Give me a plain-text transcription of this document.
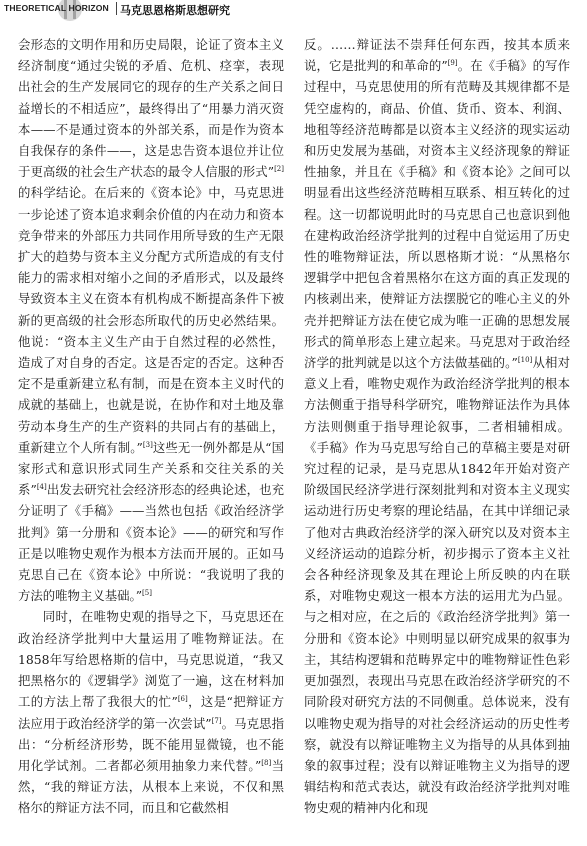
THEORETICAL HORIZON 马克思恩格斯思想研究

会形态的文明作用和历史局限，论证了资本主义经济制度“通过尖锐的矛盾、危机、痉挛，表现出社会的生产发展同它的现存的生产关系之间日益增长的不相适应”，最终得出了“用暴力消灭资本——不是通过资本的外部关系，而是作为资本自我保存的条件——，这是忠告资本退位并让位于更高级的社会生产状态的最令人信服的形式”[2]的科学结论。在后来的《资本论》中，马克思进一步论述了资本追求剩余价值的内在动力和资本竞争带来的外部压力共同作用所导致的生产无限扩大的趋势与资本主义分配方式所造成的有支付能力的需求相对缩小之间的矛盾形式，以及最终导致资本主义在资本有机构成不断提高条件下被新的更高级的社会形态所取代的历史必然结果。他说：“资本主义生产由于自然过程的必然性，造成了对自身的否定。这是否定的否定。这种否定不是重新建立私有制，而是在资本主义时代的成就的基础上，也就是说，在协作和对土地及靠劳动本身生产的生产资料的共同占有的基础上，重新建立个人所有制。”[3]这些无一例外都是从“国家形式和意识形式同生产关系和交往关系的关系”[4]出发去研究社会经济形态的经典论述，也充分证明了《手稿》——当然也包括《政治经济学批判》第一分册和《资本论》——的研究和写作正是以唯物史观作为根本方法而开展的。正如马克思自己在《资本论》中所说：“我说明了我的方法的唯物主义基础。”[5]

同时，在唯物史观的指导之下，马克思还在政治经济学批判中大量运用了唯物辩证法。在1858年写给恩格斯的信中，马克思说道，“我又把黑格尔的《逻辑学》浏览了一遍，这在材料加工的方法上帮了我很大的忙”[6]，这是“把辩证方法应用于政治经济学的第一次尝试”[7]。马克思指出：“分析经济形势，既不能用显微镜，也不能用化学试剂。二者都必须用抽象力来代替。”[8]当然，“我的辩证方法，从根本上来说，不仅和黑格尔的辩证方法不同，而且和它截然相

反。……辩证法不崇拜任何东西，按其本质来说，它是批判的和革命的”[9]。在《手稿》的写作过程中，马克思使用的所有范畴及其规律都不是凭空虚构的，商品、价值、货币、资本、利润、地租等经济范畴都是以资本主义经济的现实运动和历史发展为基础，对资本主义经济现象的辩证性抽象，并且在《手稿》和《资本论》之间可以明显看出这些经济范畴相互联系、相互转化的过程。这一切都说明此时的马克思自己也意识到他在建构政治经济学批判的过程中自觉运用了历史性的唯物辩证法，所以恩格斯才说：“从黑格尔逻辑学中把包含着黑格尔在这方面的真正发现的内核剥出来，使辩证方法摆脱它的唯心主义的外壳并把辩证方法在使它成为唯一正确的思想发展形式的简单形态上建立起来。马克思对于政治经济学的批判就是以这个方法做基础的。”[10]从相对意义上看，唯物史观作为政治经济学批判的根本方法侧重于指导科学研究，唯物辩证法作为具体方法则侧重于指导理论叙事，二者相辅相成。《手稿》作为马克思写给自己的草稿主要是对研究过程的记录，是马克思从1842年开始对资产阶级国民经济学进行深刻批判和对资本主义现实运动进行历史考察的理论结晶，在其中详细记录了他对古典政治经济学的深入研究以及对资本主义经济运动的追踪分析，初步揭示了资本主义社会各种经济现象及其在理论上所反映的内在联系，对唯物史观这一根本方法的运用尤为凸显。与之相对应，在之后的《政治经济学批判》第一分册和《资本论》中则明显以研究成果的叙事为主，其结构逻辑和范畴界定中的唯物辩证性色彩更加强烈，表现出马克思在政治经济学研究的不同阶段对研究方法的不同侧重。总体说来，没有以唯物史观为指导的对社会经济运动的历史性考察，就没有以辩证唯物主义为指导的从具体到抽象的叙事过程；没有以辩证唯物主义为指导的逻辑结构和范式表达，就没有政治经济学批判对唯物史观的精神内化和现
